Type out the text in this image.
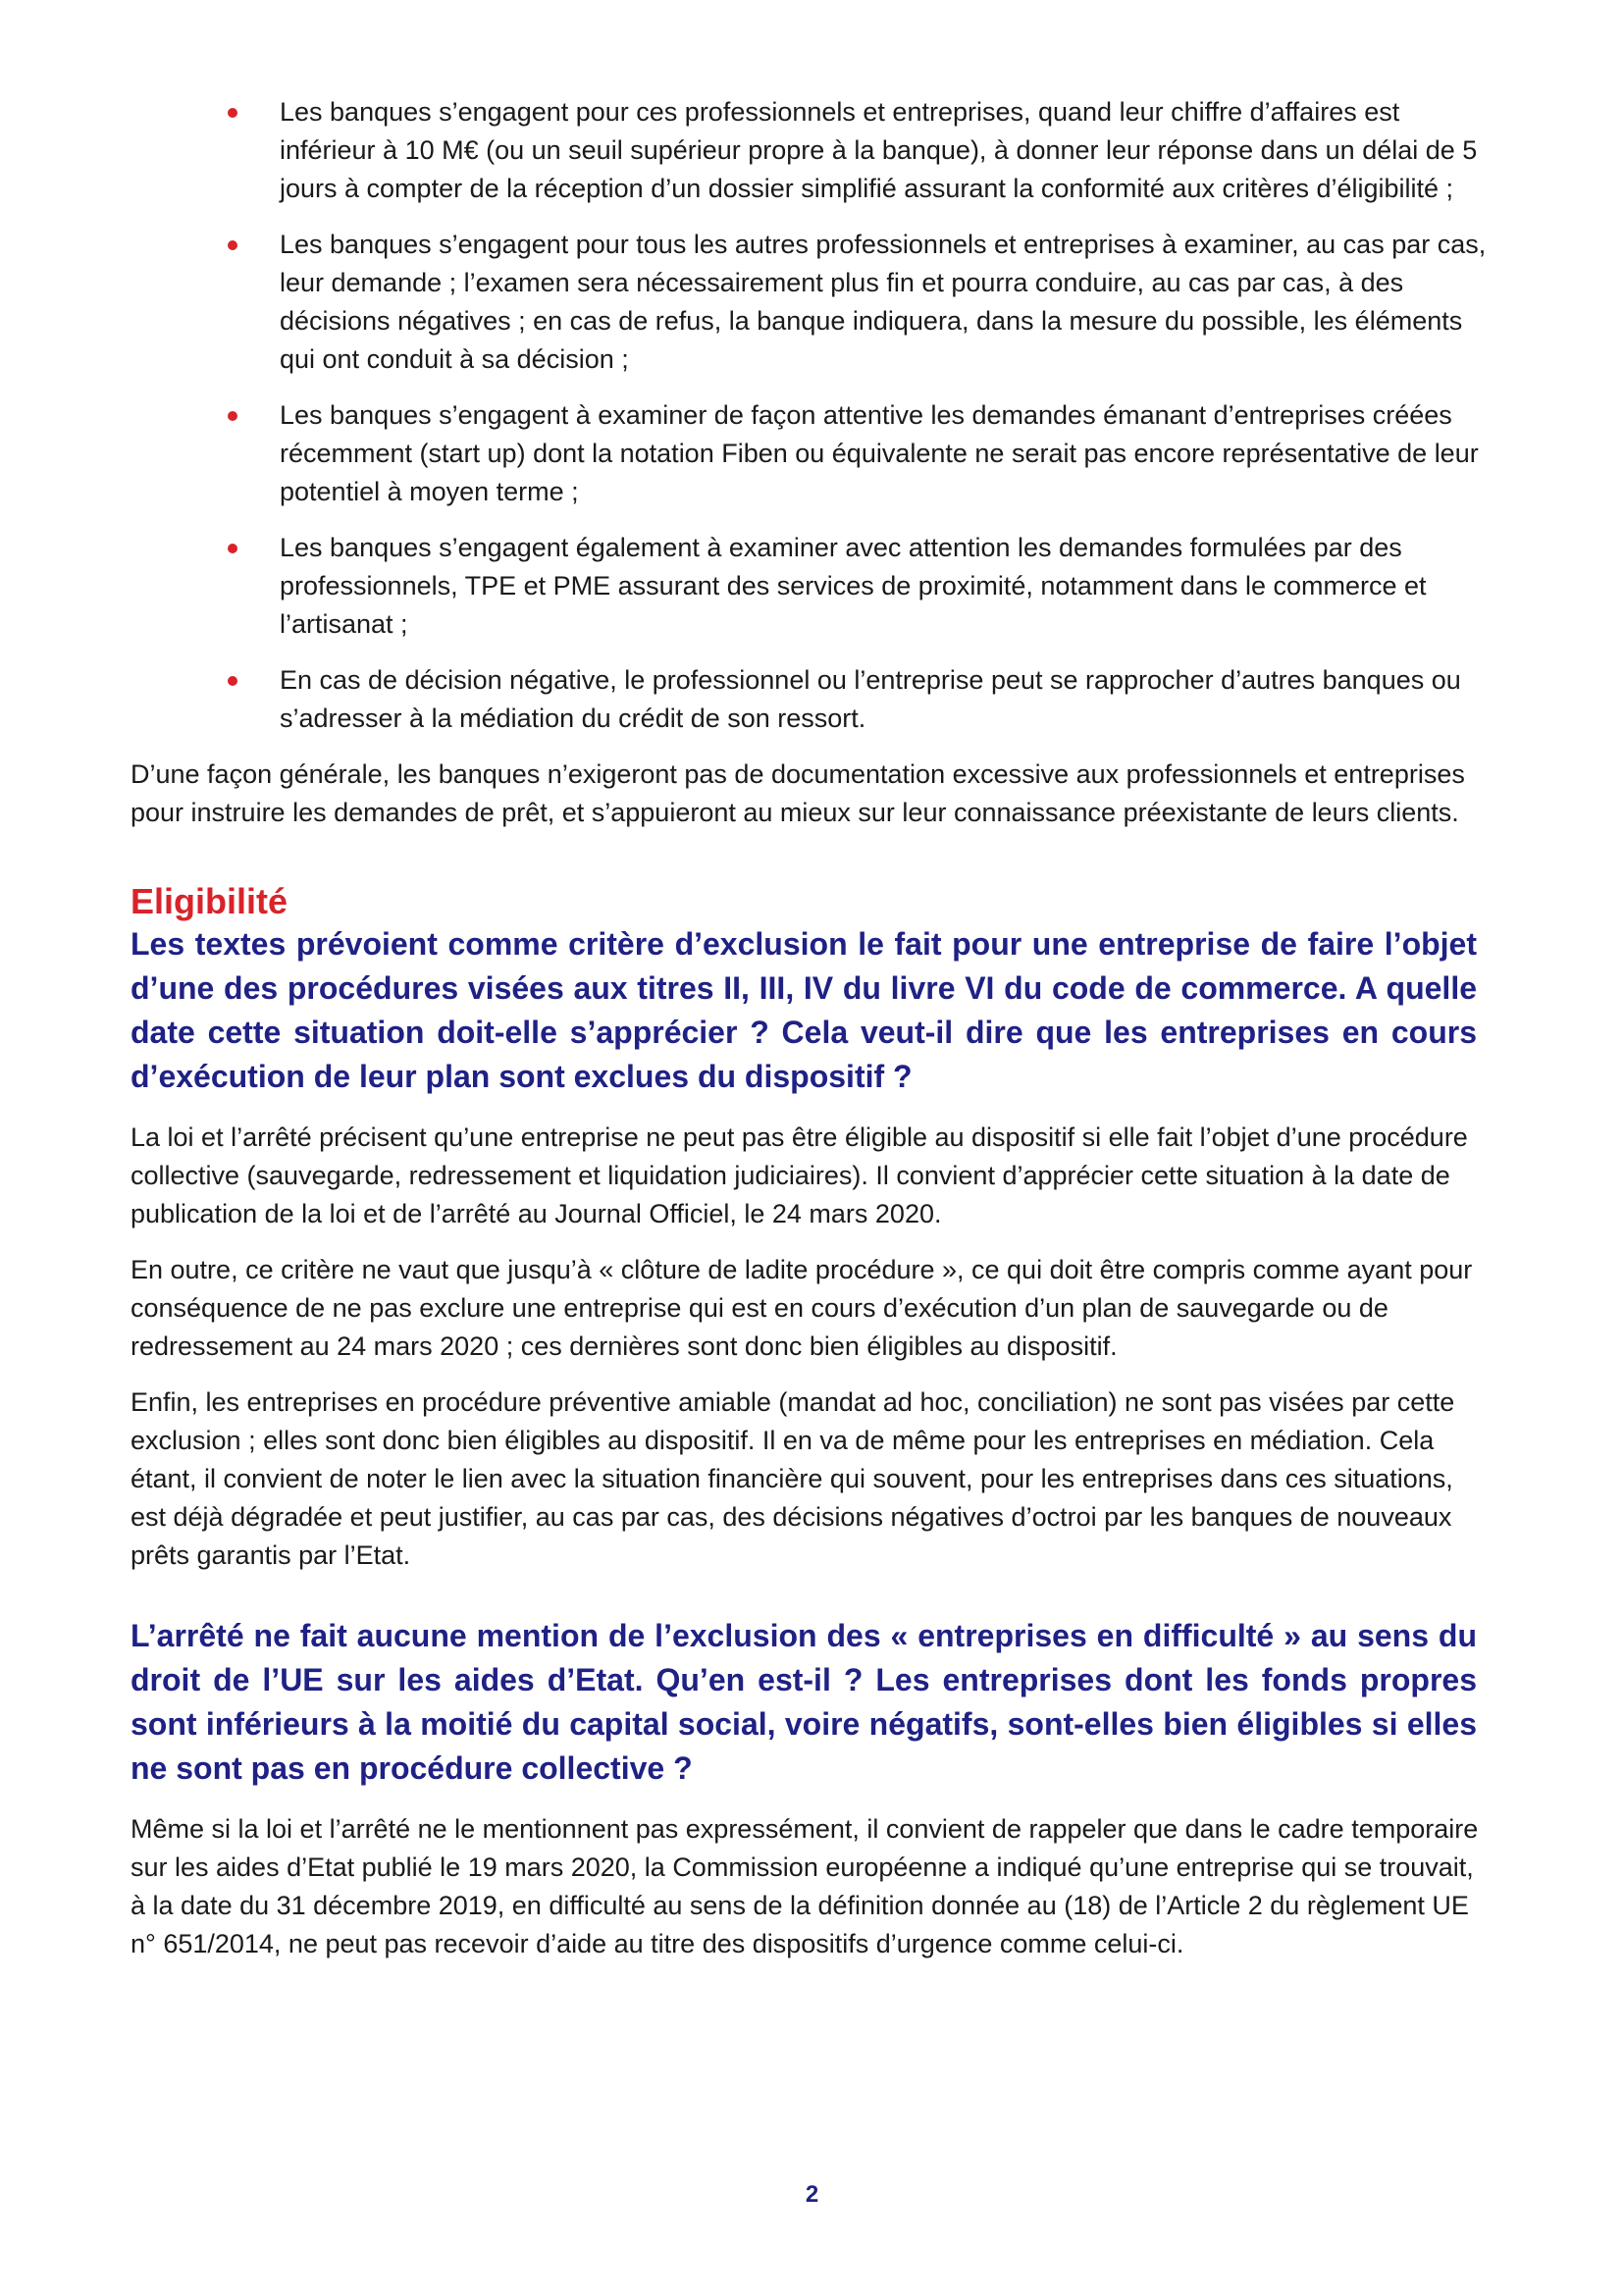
Les banques s’engagent pour ces professionnels et entreprises, quand leur chiffre d’affaires est inférieur à 10 M€ (ou un seuil supérieur propre à la banque), à donner leur réponse dans un délai de 5 jours à compter de la réception d’un dossier simplifié assurant la conformité aux critères d’éligibilité ;
Les banques s’engagent pour tous les autres professionnels et entreprises à examiner, au cas par cas, leur demande ; l’examen sera nécessairement plus fin et pourra conduire, au cas par cas, à des décisions négatives ; en cas de refus, la banque indiquera, dans la mesure du possible, les éléments qui ont conduit à sa décision ;
Les banques s’engagent à examiner de façon attentive les demandes émanant d’entreprises créées récemment (start up) dont la notation Fiben ou équivalente ne serait pas encore représentative de leur potentiel à moyen terme ;
Les banques s’engagent également à examiner avec attention les demandes formulées par des professionnels, TPE et PME assurant des services de proximité, notamment dans le commerce et l’artisanat ;
En cas de décision négative, le professionnel ou l’entreprise peut se rapprocher d’autres banques ou s’adresser à la médiation du crédit de son ressort.

D’une façon générale, les banques n’exigeront pas de documentation excessive aux professionnels et entreprises pour instruire les demandes de prêt, et s’appuieront au mieux sur leur connaissance préexistante de leurs clients.

Eligibilité

Les textes prévoient comme critère d’exclusion le fait pour une entreprise de faire l’objet d’une des procédures visées aux titres II, III, IV du livre VI du code de commerce. A quelle date cette situation doit-elle s’apprécier ? Cela veut-il dire que les entreprises en cours d’exécution de leur plan sont exclues du dispositif ?

La loi et l’arrêté précisent qu’une entreprise ne peut pas être éligible au dispositif si elle fait l’objet d’une procédure collective (sauvegarde, redressement et liquidation judiciaires). Il convient d’apprécier cette situation à la date de publication de la loi et de l’arrêté au Journal Officiel, le 24 mars 2020.

En outre, ce critère ne vaut que jusqu’à « clôture de ladite procédure », ce qui doit être compris comme ayant pour conséquence de ne pas exclure une entreprise qui est en cours d’exécution d’un plan de sauvegarde ou de redressement au 24 mars 2020 ; ces dernières sont donc bien éligibles au dispositif.

Enfin, les entreprises en procédure préventive amiable (mandat ad hoc, conciliation) ne sont pas visées par cette exclusion ; elles sont donc bien éligibles au dispositif. Il en va de même pour les entreprises en médiation. Cela étant, il convient de noter le lien avec la situation financière qui souvent, pour les entreprises dans ces situations, est déjà dégradée et peut justifier, au cas par cas, des décisions négatives d’octroi par les banques de nouveaux prêts garantis par l’Etat.

L’arrêté ne fait aucune mention de l’exclusion des « entreprises en difficulté » au sens du droit de l’UE sur les aides d’Etat. Qu’en est-il ? Les entreprises dont les fonds propres sont inférieurs à la moitié du capital social, voire négatifs, sont-elles bien éligibles si elles ne sont pas en procédure collective ?

Même si la loi et l’arrêté ne le mentionnent pas expressément, il convient de rappeler que dans le cadre temporaire sur les aides d’Etat publié le 19 mars 2020, la Commission européenne a indiqué qu’une entreprise qui se trouvait, à la date du 31 décembre 2019, en difficulté au sens de la définition donnée au (18) de l’Article 2 du règlement UE n° 651/2014, ne peut pas recevoir d’aide au titre des dispositifs d’urgence comme celui-ci.

2
